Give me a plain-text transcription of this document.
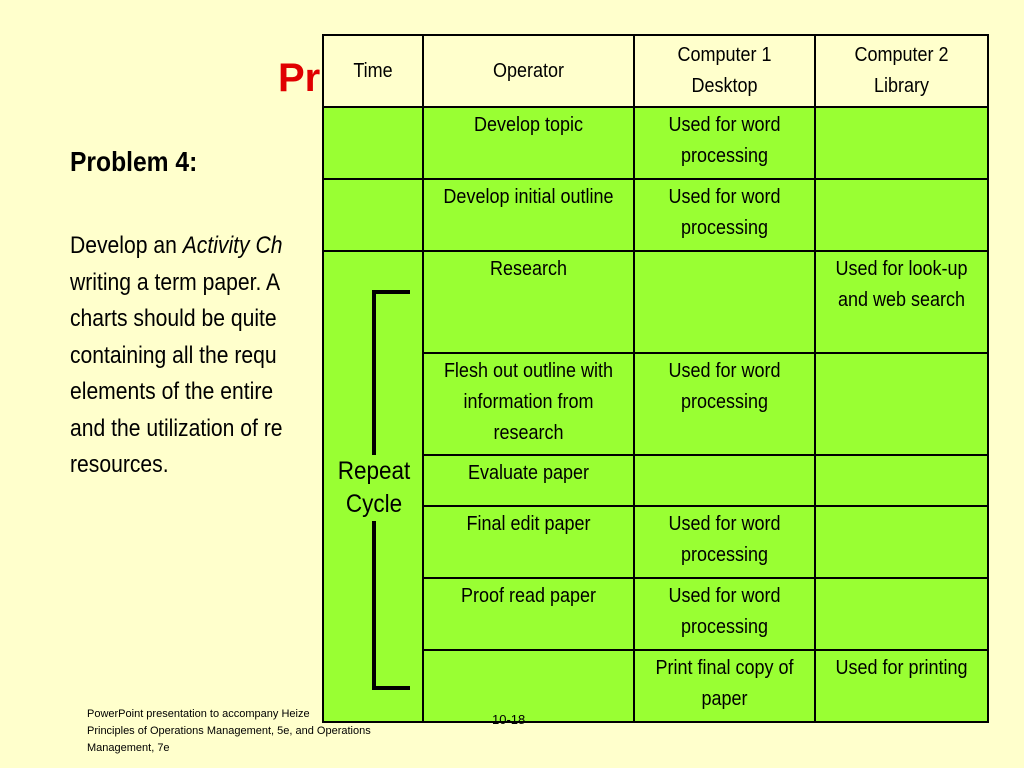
Pr
Problem 4:
Develop an Activity Ch
writing a term paper. A
charts should be quite
containing all the requ
elements of the entire
and the utilization of re
resources.
Time	Operator	Computer 1 Desktop	Computer 2 Library	

	Develop topic	Used for word processing		

	Develop initial outline	Used for word processing		

	Research		Used for look-up and web search	

	Flesh out outline with information from research	Used for word processing		

	Evaluate paper			

	Final edit paper	Used for word processing		

	Proof read paper	Used for word processing		

		Print final copy of paper	Used for printing	

Repeat Cycle
PowerPoint presentation to accompany Heize
Principles of Operations Management, 5e, and Operations
Management, 7e
10-18
